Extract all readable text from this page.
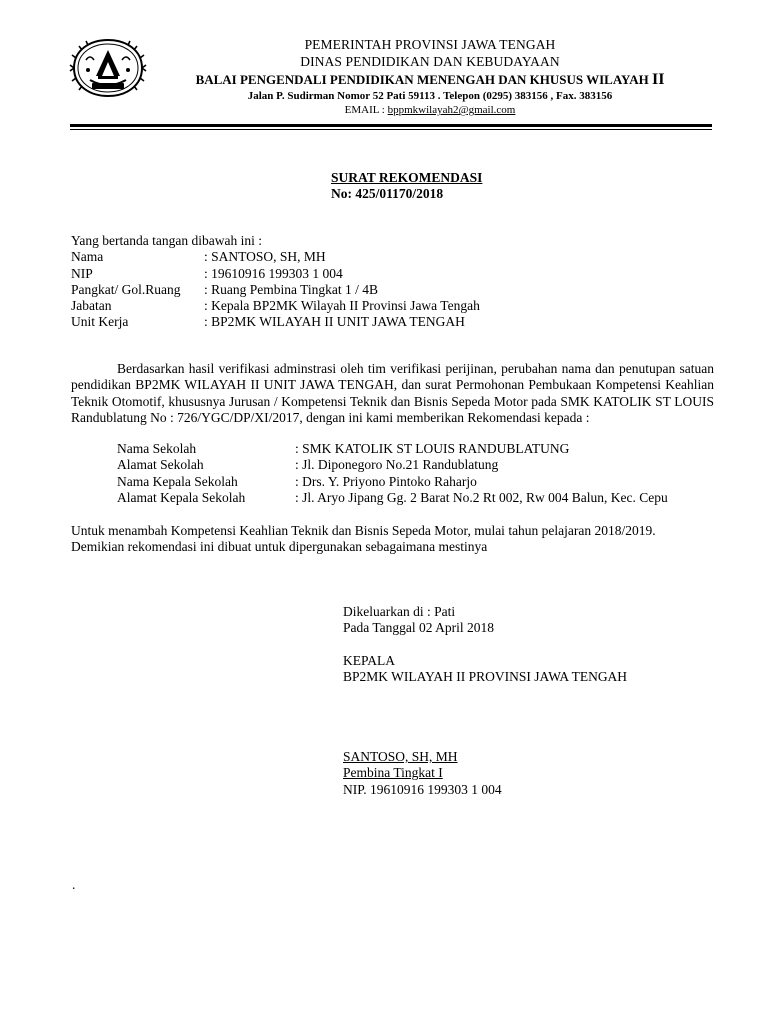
PEMERINTAH PROVINSI JAWA TENGAH
DINAS PENDIDIKAN DAN KEBUDAYAAN
BALAI PENGENDALI PENDIDIKAN MENENGAH DAN KHUSUS WILAYAH II
Jalan P. Sudirman Nomor 52 Pati 59113 . Telepon (0295) 383156 , Fax. 383156
EMAIL : bppmkwilayah2@gmail.com
SURAT REKOMENDASI
No: 425/01170/2018
Yang bertanda tangan dibawah ini :
Nama	: SANTOSO, SH, MH
NIP	: 19610916 199303 1 004
Pangkat/ Gol.Ruang : Ruang Pembina Tingkat 1 / 4B
Jabatan	: Kepala BP2MK Wilayah II Provinsi Jawa Tengah
Unit Kerja	: BP2MK WILAYAH II UNIT JAWA TENGAH
Berdasarkan hasil verifikasi adminstrasi oleh tim verifikasi perijinan, perubahan nama dan penutupan satuan pendidikan BP2MK WILAYAH II UNIT JAWA TENGAH, dan surat Permohonan Pembukaan Kompetensi Keahlian Teknik Otomotif, khususnya Jurusan / Kompetensi Teknik dan Bisnis Sepeda Motor pada SMK KATOLIK ST LOUIS Randublatung No : 726/YGC/DP/XI/2017, dengan ini kami memberikan Rekomendasi kepada :
Nama Sekolah	: SMK KATOLIK ST LOUIS RANDUBLATUNG
Alamat Sekolah	: Jl. Diponegoro No.21 Randublatung
Nama Kepala Sekolah	: Drs. Y. Priyono Pintoko Raharjo
Alamat Kepala Sekolah	: Jl. Aryo Jipang Gg. 2 Barat No.2 Rt 002, Rw 004 Balun, Kec. Cepu
Untuk menambah Kompetensi Keahlian Teknik dan Bisnis Sepeda Motor, mulai tahun pelajaran 2018/2019.
Demikian rekomendasi ini dibuat untuk dipergunakan sebagaimana mestinya
Dikeluarkan di : Pati
Pada Tanggal 02 April 2018
KEPALA
BP2MK WILAYAH II PROVINSI JAWA TENGAH
SANTOSO, SH, MH
Pembina Tingkat I
NIP. 19610916 199303 1 004
.
